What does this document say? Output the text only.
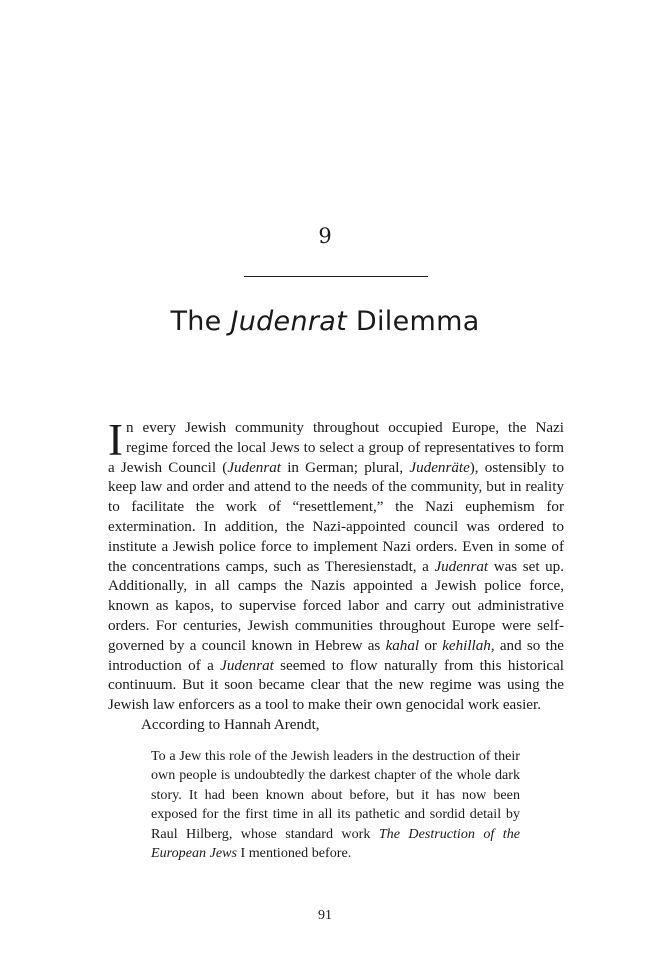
9
The Judenrat Dilemma

In every Jewish community throughout occupied Europe, the Nazi regime forced the local Jews to select a group of representatives to form a Jewish Council (Judenrat in German; plural, Judenräte), ostensibly to keep law and order and attend to the needs of the community, but in reality to facilitate the work of “resettlement,” the Nazi euphemism for extermination. In addition, the Nazi-appointed council was ordered to institute a Jewish police force to implement Nazi orders. Even in some of the concentrations camps, such as Theresienstadt, a Judenrat was set up. Additionally, in all camps the Nazis appointed a Jewish police force, known as kapos, to supervise forced labor and carry out administrative orders. For centuries, Jewish communities throughout Europe were self-governed by a council known in Hebrew as kahal or kehillah, and so the introduction of a Judenrat seemed to flow naturally from this historical continuum. But it soon became clear that the new regime was using the Jewish law enforcers as a tool to make their own genocidal work easier.

According to Hannah Arendt,

To a Jew this role of the Jewish leaders in the destruction of their own people is undoubtedly the darkest chapter of the whole dark story. It had been known about before, but it has now been exposed for the first time in all its pathetic and sordid detail by Raul Hilberg, whose standard work The Destruction of the European Jews I mentioned before.

91
